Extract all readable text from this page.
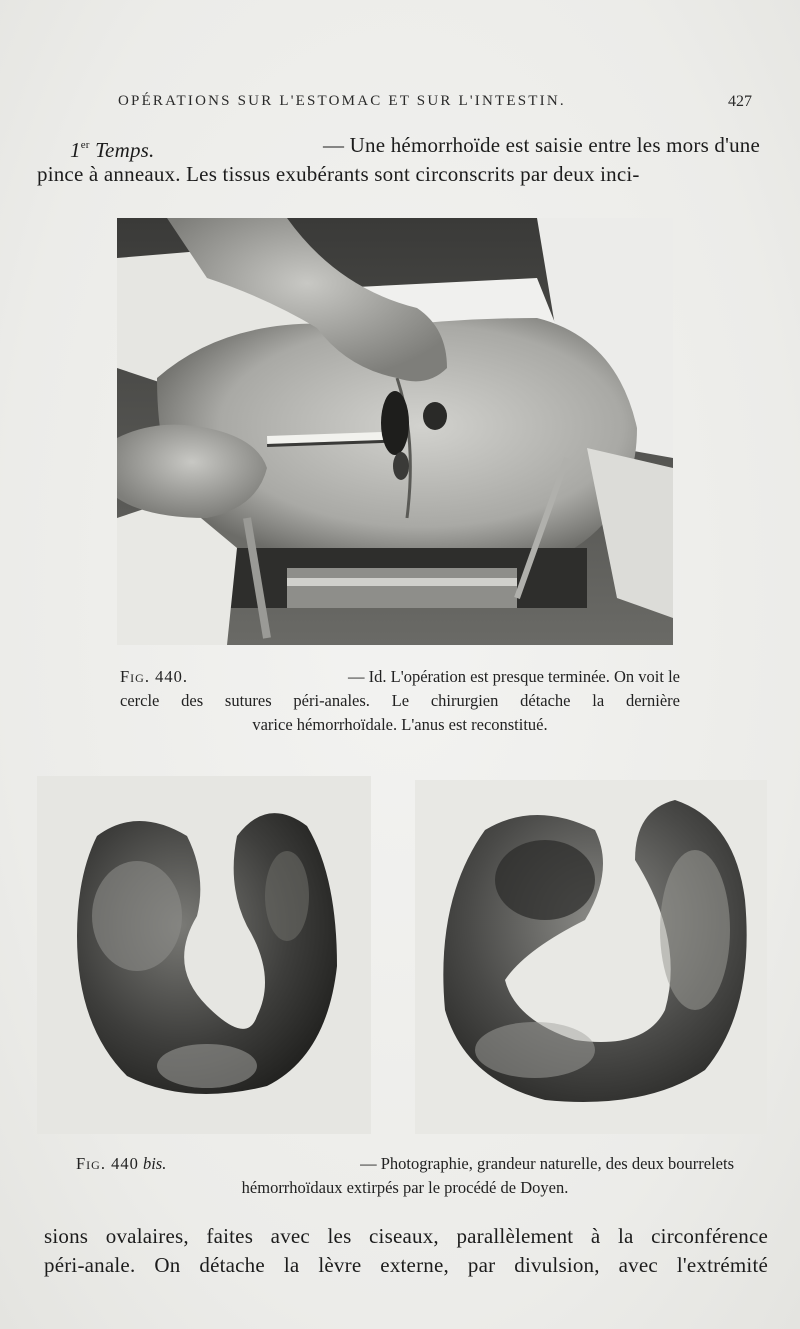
OPÉRATIONS SUR L'ESTOMAC ET SUR L'INTESTIN.	427
1er Temps.	— Une hémorrhoïde est saisie entre les mors d'une
pince à anneaux. Les tissus exubérants sont circonscrits par deux inci-
Fig. 440.	— Id. L'opération est presque terminée. On voit le
cercle des sutures péri-anales. Le chirurgien détache la dernière
varice hémorrhoïdale. L'anus est reconstitué.
Fig. 440 bis.	— Photographie, grandeur naturelle, des deux bourrelets
hémorrhoïdaux extirpés par le procédé de Doyen.
sions ovalaires, faites avec les ciseaux, parallèlement à la circonférence
péri-anale. On détache la lèvre externe, par divulsion, avec l'extrémité
